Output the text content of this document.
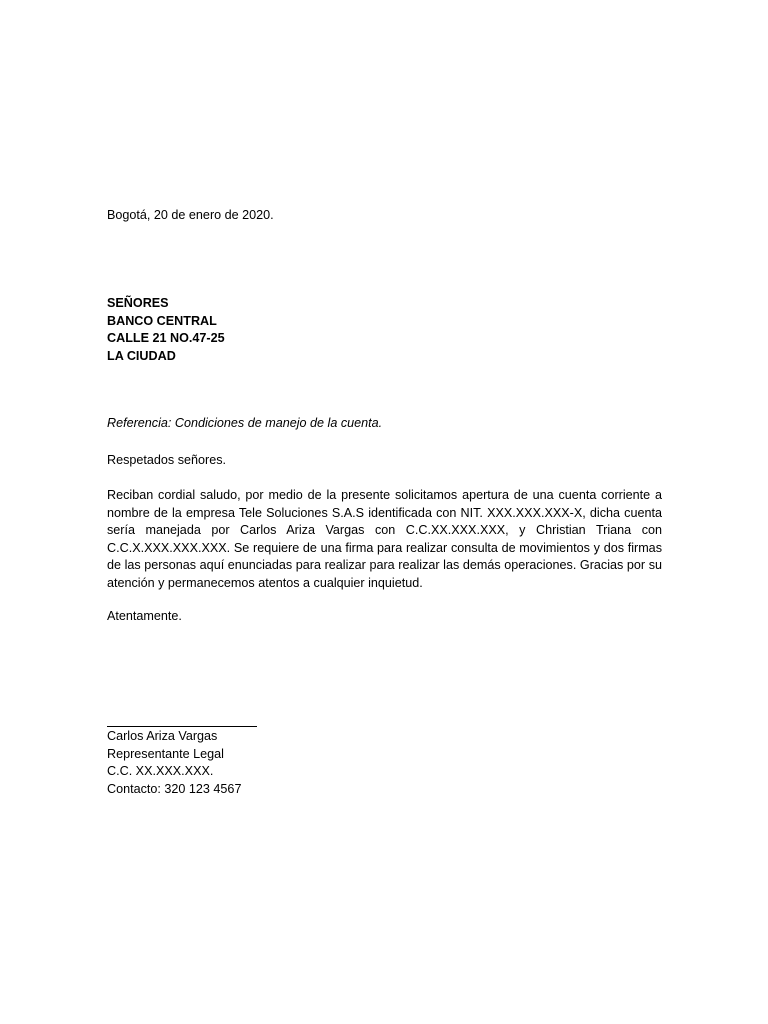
Bogotá, 20 de enero de 2020.
SEÑORES
BANCO CENTRAL
CALLE 21 NO.47-25
LA CIUDAD
Referencia: Condiciones de manejo de la cuenta.
Respetados señores.
Reciban cordial saludo, por medio de la presente solicitamos apertura de una cuenta corriente a nombre de la empresa Tele Soluciones S.A.S identificada con NIT. XXX.XXX.XXX-X, dicha cuenta sería manejada por Carlos Ariza Vargas con C.C.XX.XXX.XXX, y Christian Triana con C.C.X.XXX.XXX.XXX. Se requiere de una firma para realizar consulta de movimientos y dos firmas de las personas aquí enunciadas para realizar para realizar las demás operaciones. Gracias por su atención y permanecemos atentos a cualquier inquietud.
Atentamente.
Carlos Ariza Vargas
Representante Legal
C.C. XX.XXX.XXX.
Contacto: 320 123 4567
